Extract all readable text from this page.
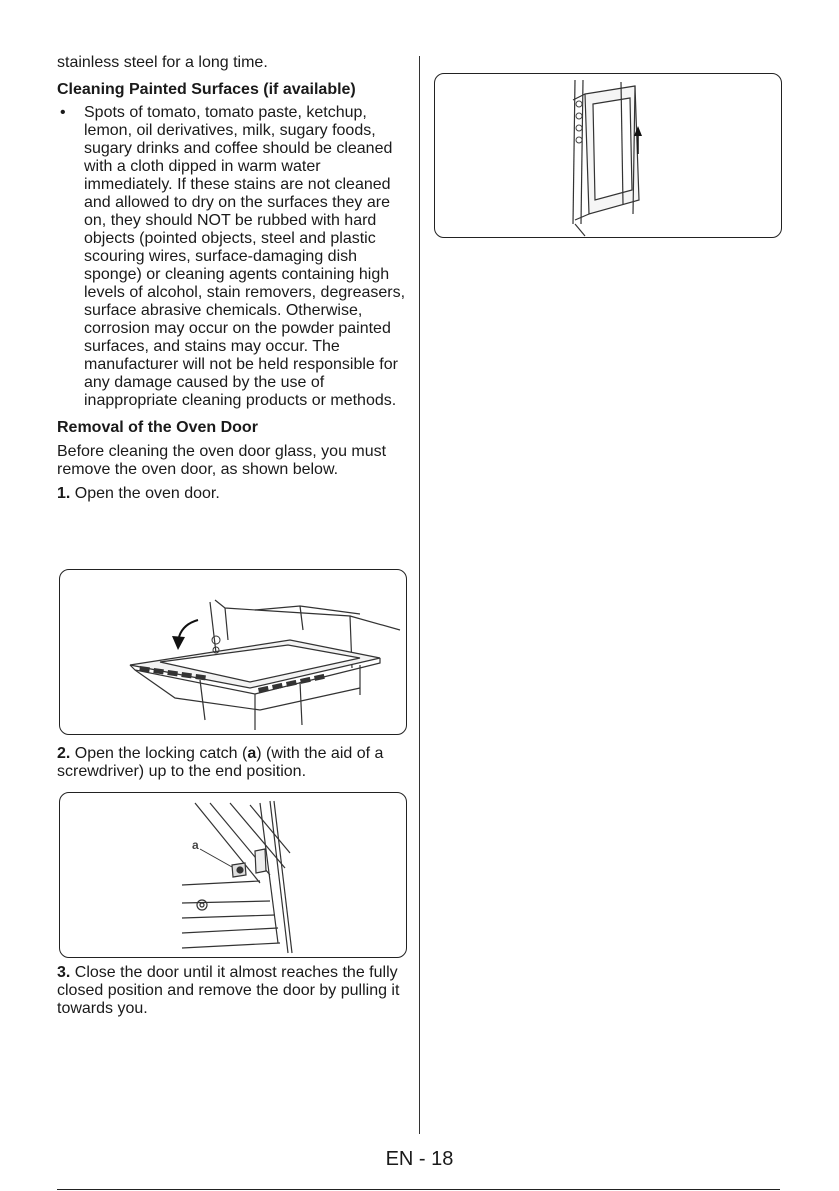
stainless steel for a long time.

Cleaning Painted Surfaces (if available)
• Spots of tomato, tomato paste, ketchup, lemon, oil derivatives, milk, sugary foods, sugary drinks and coffee should be cleaned with a cloth dipped in warm water immediately. If these stains are not cleaned and allowed to dry on the surfaces they are on, they should NOT be rubbed with hard objects (pointed objects, steel and plastic scouring wires, surface-damaging dish sponge) or cleaning agents containing high levels of alcohol, stain removers, degreasers, surface abrasive chemicals. Otherwise, corrosion may occur on the powder painted surfaces, and stains may occur. The manufacturer will not be held responsible for any damage caused by the use of inappropriate cleaning products or methods.
Removal of the Oven Door

Before cleaning the oven door glass, you must remove the oven door, as shown below.

1. Open the oven door.

2. Open the locking catch (a) (with the aid of a screwdriver) up to the end position.

a

3. Close the door until it almost reaches the fully closed position and remove the door by pulling it towards you.

EN - 18
